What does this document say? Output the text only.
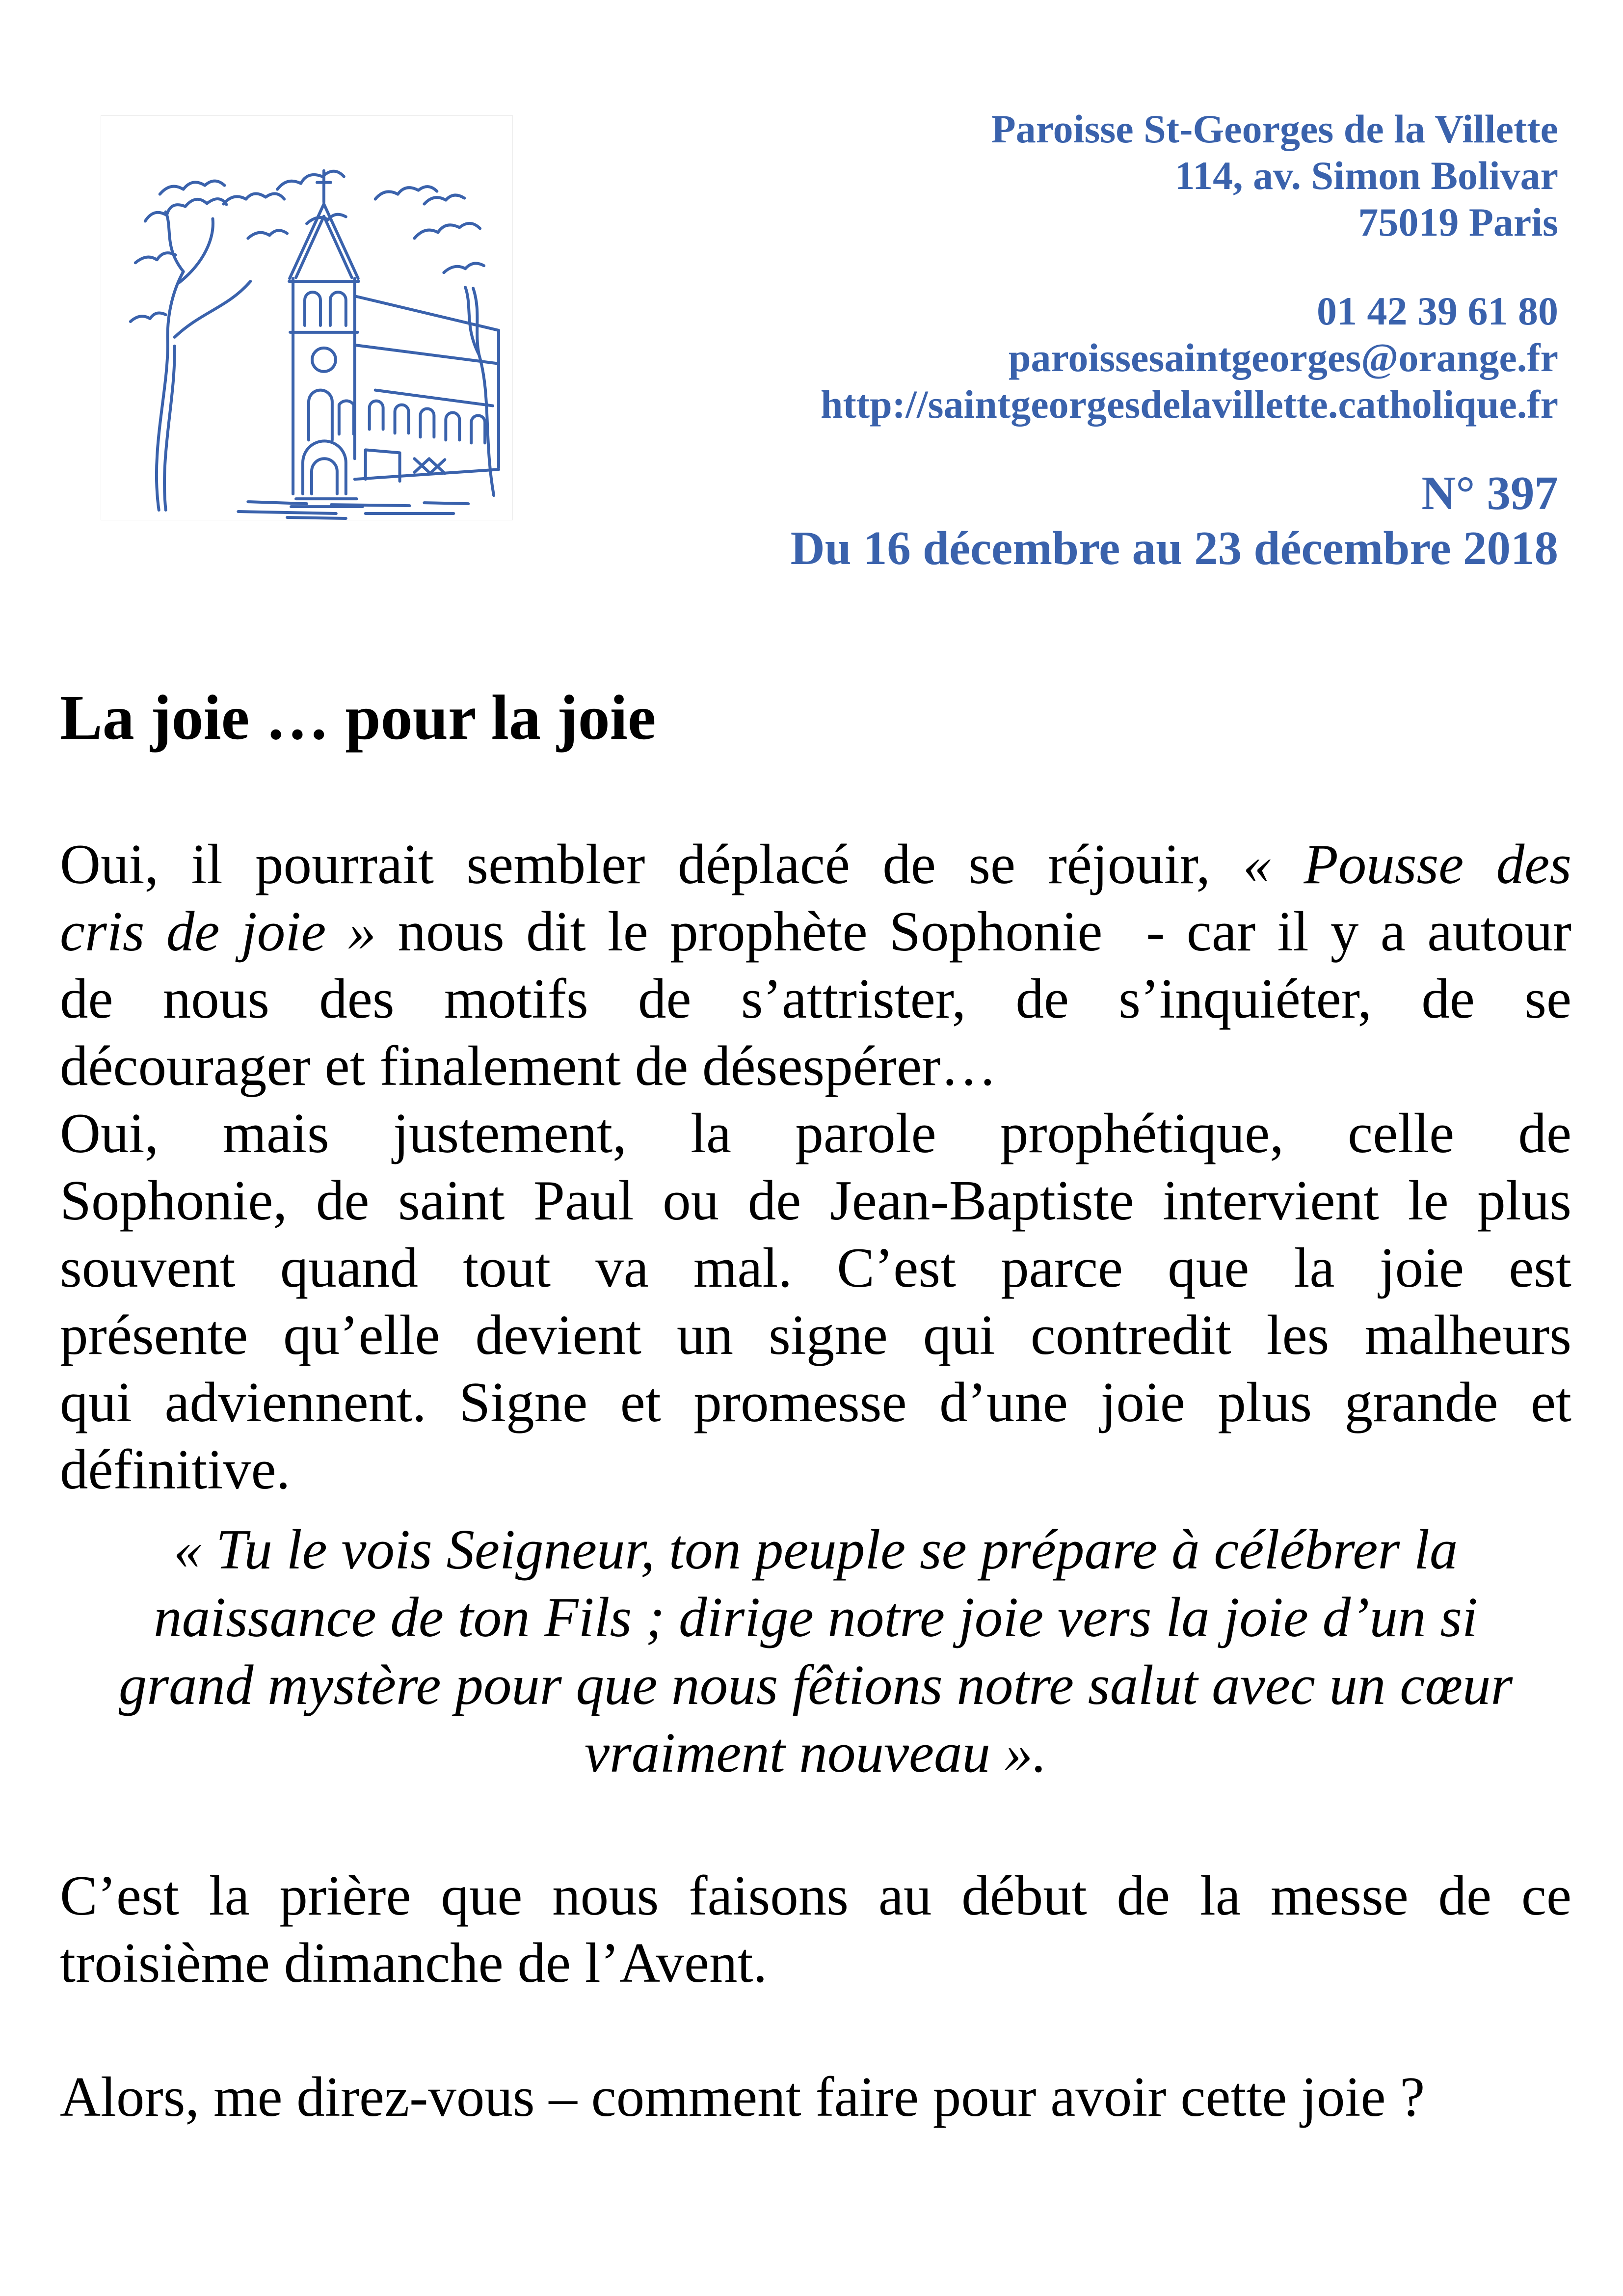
Paroisse St-Georges de la Villette
114, av. Simon Bolivar
75019 Paris
01 42 39 61 80
paroissesaintgeorges@orange.fr
http://saintgeorgesdelavillette.catholique.fr
N° 397
Du 16 décembre au 23 décembre 2018
La joie … pour la joie
Oui, il pourrait sembler déplacé de se réjouir, « Pousse des
cris de joie » nous dit le prophète Sophonie  - car il y a autour
de nous des motifs de s’attrister, de s’inquiéter, de se
décourager et finalement de désespérer…
Oui, mais justement, la parole prophétique, celle de
Sophonie, de saint Paul ou de Jean-Baptiste intervient le plus
souvent quand tout va mal. C’est parce que la joie est
présente qu’elle devient un signe qui contredit les malheurs
qui adviennent. Signe et promesse d’une joie plus grande et
définitive.
« Tu le vois Seigneur, ton peuple se prépare à célébrer la
naissance de ton Fils ; dirige notre joie vers la joie d’un si
grand mystère pour que nous fêtions notre salut avec un cœur
vraiment nouveau ».
C’est la prière que nous faisons au début de la messe de ce
troisième dimanche de l’Avent.
Alors, me direz-vous – comment faire pour avoir cette joie ?
